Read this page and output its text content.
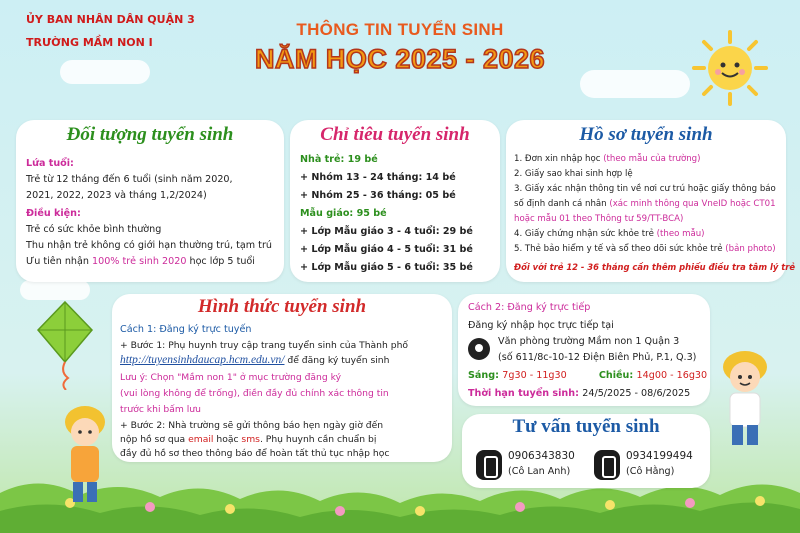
ỦY BAN NHÂN DÂN QUẬN 3
TRƯỜNG MẦM NON I
THÔNG TIN TUYỂN SINH
NĂM HỌC 2025 - 2026
Đối tượng tuyển sinh
Lứa tuổi:
Trẻ từ 12 tháng đến 6 tuổi (sinh năm 2020,
2021, 2022, 2023 và tháng 1,2/2024)
Điều kiện:
Trẻ có sức khỏe bình thường
Thu nhận trẻ không có giới hạn thường trú, tạm trú
Ưu tiên nhận 100% trẻ sinh 2020 học lớp 5 tuổi
Chỉ tiêu tuyển sinh
Nhà trẻ: 19 bé
+ Nhóm 13 - 24 tháng: 14 bé
+ Nhóm 25 - 36 tháng: 05 bé
Mẫu giáo: 95 bé
+ Lớp Mẫu giáo 3 - 4 tuổi: 29 bé
+ Lớp Mẫu giáo 4 - 5 tuổi: 31 bé
+ Lớp Mẫu giáo 5 - 6 tuổi: 35 bé
Hồ sơ tuyển sinh
1. Đơn xin nhập học (theo mẫu của trường)
2. Giấy sao khai sinh hợp lệ
3. Giấy xác nhận thông tin về nơi cư trú hoặc giấy thông báo
số định danh cá nhân (xác minh thông qua VneID hoặc CT01
hoặc mẫu 01 theo Thông tư 59/TT-BCA)
4. Giấy chứng nhận sức khỏe trẻ (theo mẫu)
5. Thẻ bảo hiểm y tế và sổ theo dõi sức khỏe trẻ (bản photo)
Đối với trẻ 12 - 36 tháng cần thêm phiếu điều tra tâm lý trẻ
Hình thức tuyển sinh
Cách 1: Đăng ký trực tuyến
+ Bước 1: Phụ huynh truy cập trang tuyển sinh của Thành phố
http://tuyensinhdaucap.hcm.edu.vn/ để đăng ký tuyển sinh
Lưu ý: Chọn "Mầm non 1" ở mục trường đăng ký
(vui lòng không để trống), điền đầy đủ chính xác thông tin
trước khi bấm lưu
+ Bước 2: Nhà trường sẽ gửi thông báo hẹn ngày giờ đến
nộp hồ sơ qua email hoặc sms. Phụ huynh cần chuẩn bị
đầy đủ hồ sơ theo thông báo để hoàn tất thủ tục nhập học
Cách 2: Đăng ký trực tiếp
Đăng ký nhập học trực tiếp tại
Văn phòng trường Mầm non 1 Quận 3
(số 611/8c-10-12 Điện Biên Phủ, P.1, Q.3)
Sáng: 7g30 - 11g30	Chiều: 14g00 - 16g30
Thời hạn tuyển sinh: 24/5/2025 - 08/6/2025
Tư vấn tuyển sinh
0906343830
(Cô Lan Anh)
0934199494
(Cô Hằng)
